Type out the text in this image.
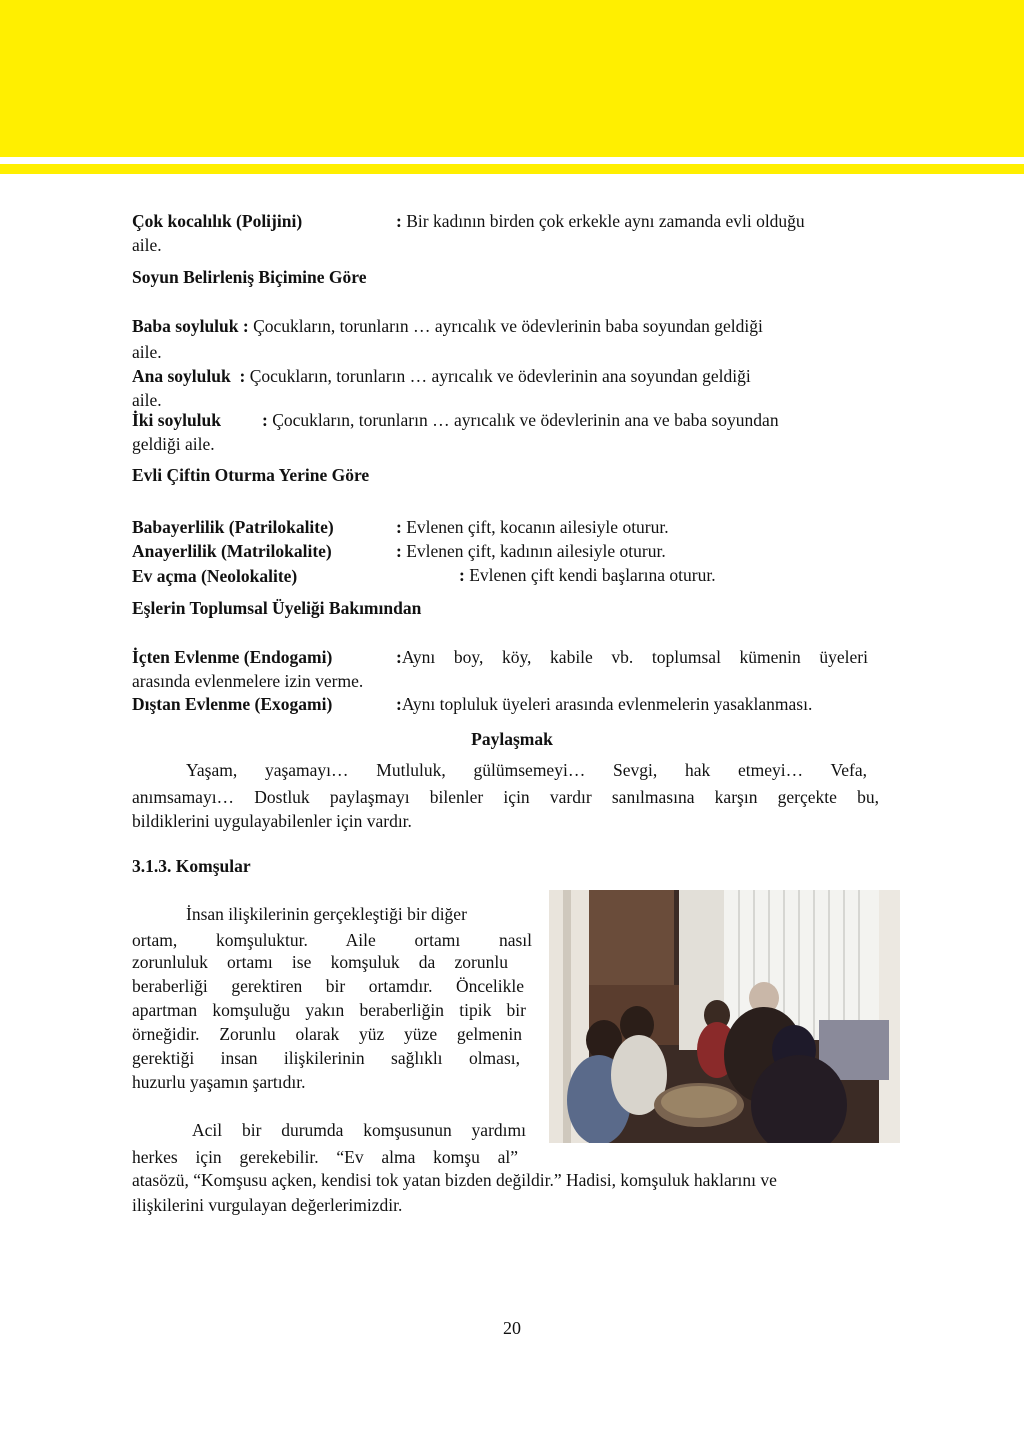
Çok kocalılık (Polijini)	: Bir kadının birden çok erkekle aynı zamanda evli olduğu
aile.
Soyun Belirleniş Biçimine Göre
Baba soyluluk : Çocukların, torunların … ayrıcalık ve ödevlerinin baba soyundan geldiği
aile.
Ana soyluluk  : Çocukların, torunların … ayrıcalık ve ödevlerinin ana soyundan geldiği
aile.
İki soyluluk : Çocukların, torunların … ayrıcalık ve ödevlerinin ana ve baba soyundan
geldiği aile.
Evli Çiftin Oturma Yerine Göre
Babayerlilik (Patrilokalite)	: Evlenen çift, kocanın ailesiyle oturur.
Anayerlilik (Matrilokalite)	: Evlenen çift, kadının ailesiyle oturur.
Ev açma (Neolokalite)	: Evlenen çift kendi başlarına oturur.
Eşlerin Toplumsal Üyeliği Bakımından
İçten Evlenme (Endogami)	: Aynı boy, köy, kabile vb. toplumsal kümenin üyeleri
arasında evlenmelere izin verme.
Dıştan Evlenme (Exogami)	:Aynı topluluk üyeleri arasında evlenmelerin yasaklanması.
Paylaşmak
Yaşam, yaşamayı… Mutluluk, gülümsemeyi… Sevgi, hak etmeyi… Vefa,
anımsamayı… Dostluk paylaşmayı bilenler için vardır sanılmasına karşın gerçekte bu,
bildiklerini uygulayabilenler için vardır.
3.1.3. Komşular
İnsan ilişkilerinin gerçekleştiği bir diğer
ortam, komşuluktur. Aile ortamı nasıl
zorunluluk ortamı ise komşuluk da zorunlu
beraberliği gerektiren bir ortamdır. Öncelikle
apartman komşuluğu yakın beraberliğin tipik bir
örneğidir. Zorunlu olarak yüz yüze gelmenin
gerektiği insan ilişkilerinin sağlıklı olması,
huzurlu yaşamın şartıdır.
Acil bir durumda komşusunun yardımı
herkes için gerekebilir. “Ev alma komşu al”
atasözü, “Komşusu açken, kendisi tok yatan bizden değildir.” Hadisi, komşuluk haklarını ve
ilişkilerini vurgulayan değerlerimizdir.
20
